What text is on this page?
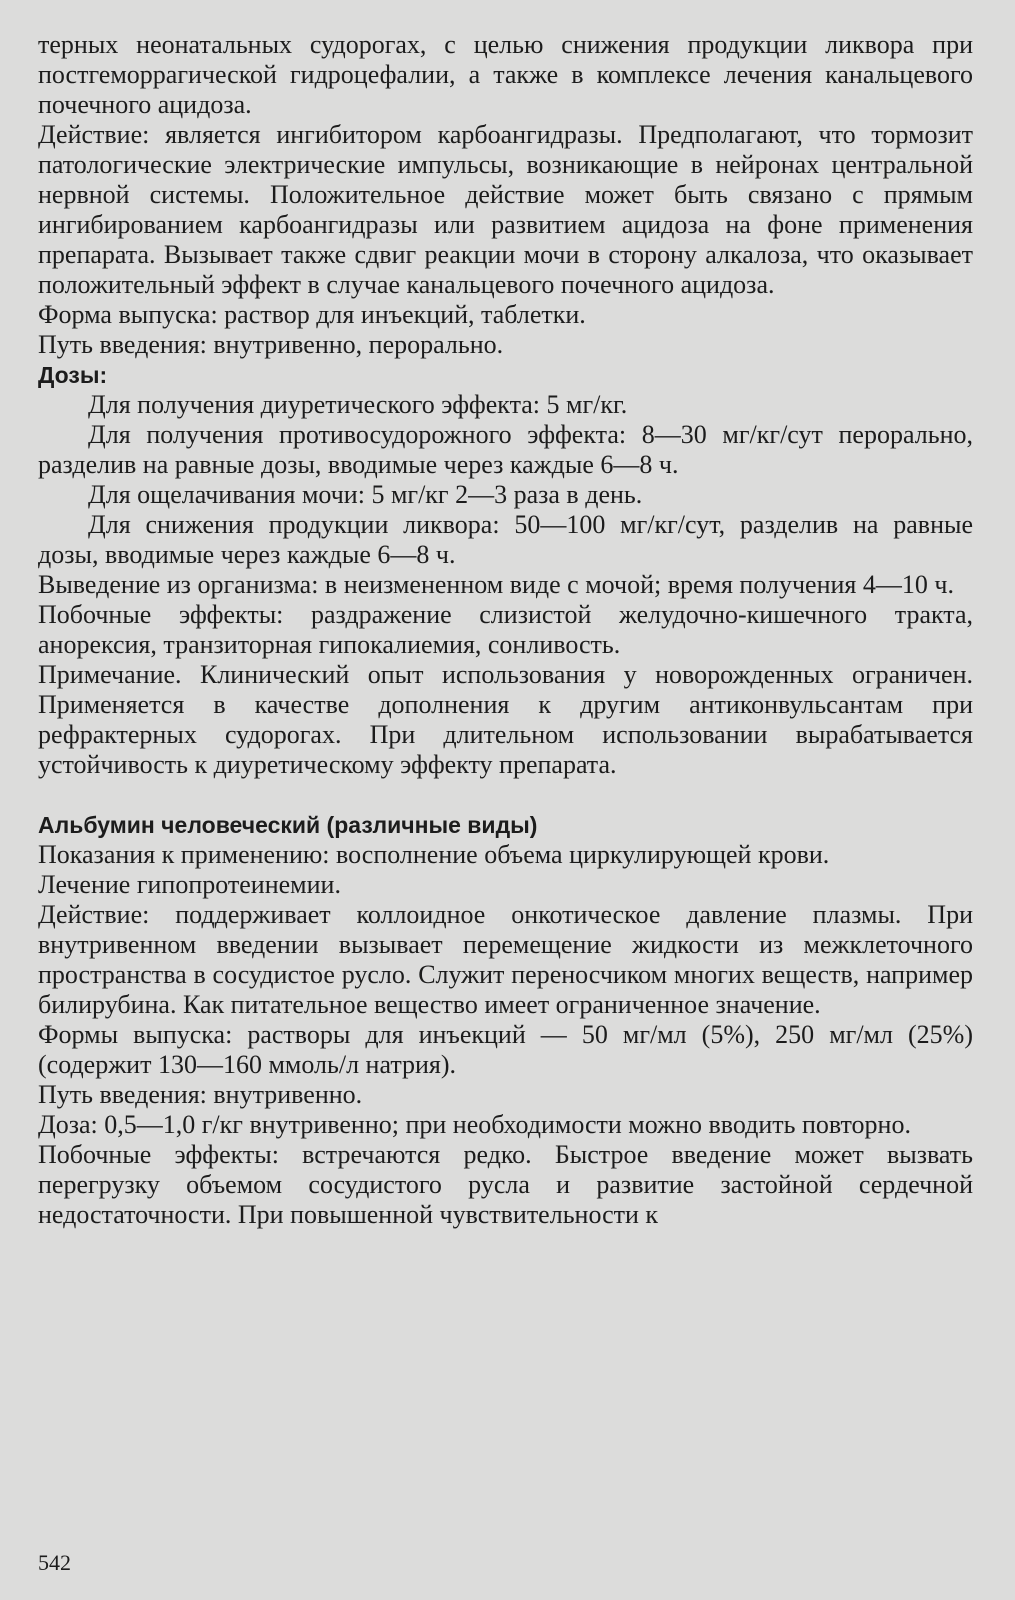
терных неонатальных судорогах, с целью снижения продукции ликвора при постгеморрагической гидроцефалии, а также в комплексе лечения канальцевого почечного ацидоза.

Действие: является ингибитором карбоангидразы. Предполагают, что тормозит патологические электрические импульсы, возникающие в нейронах центральной нервной системы. Положительное действие может быть связано с прямым ингибированием карбоангидразы или развитием ацидоза на фоне применения препарата. Вызывает также сдвиг реакции мочи в сторону алкалоза, что оказывает положительный эффект в случае канальцевого почечного ацидоза.

Форма выпуска: раствор для инъекций, таблетки.

Путь введения: внутривенно, перорально.

Дозы:

Для получения диуретического эффекта: 5 мг/кг.

Для получения противосудорожного эффекта: 8—30 мг/кг/сут перорально, разделив на равные дозы, вводимые через каждые 6—8 ч.

Для ощелачивания мочи: 5 мг/кг 2—3 раза в день.

Для снижения продукции ликвора: 50—100 мг/кг/сут, разделив на равные дозы, вводимые через каждые 6—8 ч.

Выведение из организма: в неизмененном виде с мочой; время получения 4—10 ч.

Побочные эффекты: раздражение слизистой желудочно-кишечного тракта, анорексия, транзиторная гипокалиемия, сонливость.

Примечание. Клинический опыт использования у новорожденных ограничен. Применяется в качестве дополнения к другим антиконвульсантам при рефрактерных судорогах. При длительном использовании вырабатывается устойчивость к диуретическому эффекту препарата.

Альбумин человеческий (различные виды)

Показания к применению: восполнение объема циркулирующей крови.

Лечение гипопротеинемии.

Действие: поддерживает коллоидное онкотическое давление плазмы. При внутривенном введении вызывает перемещение жидкости из межклеточного пространства в сосудистое русло. Служит переносчиком многих веществ, например билирубина. Как питательное вещество имеет ограниченное значение.

Формы выпуска: растворы для инъекций — 50 мг/мл (5%), 250 мг/мл (25%) (содержит 130—160 ммоль/л натрия).

Путь введения: внутривенно.

Доза: 0,5—1,0 г/кг внутривенно; при необходимости можно вводить повторно.

Побочные эффекты: встречаются редко. Быстрое введение может вызвать перегрузку объемом сосудистого русла и развитие застойной сердечной недостаточности. При повышенной чувствительности к

542
